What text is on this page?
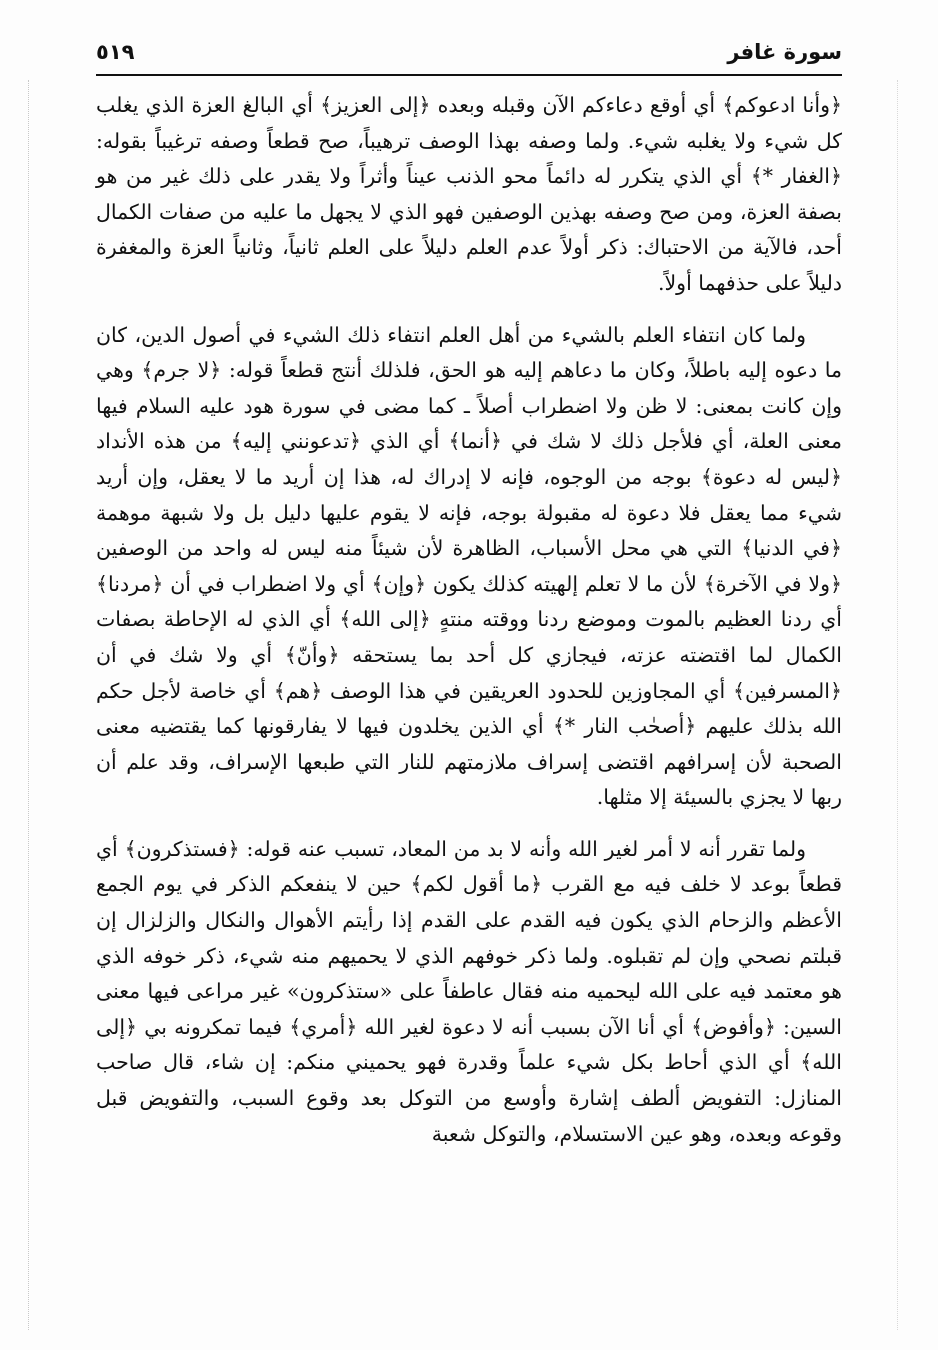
سورة غافر
٥١٩

﴿وأنا ادعوكم﴾ أي أوقع دعاءكم الآن وقبله وبعده ﴿إلى العزيز﴾ أي البالغ العزة الذي يغلب كل شيء ولا يغلبه شيء. ولما وصفه بهذا الوصف ترهيباً، صح قطعاً وصفه ترغيباً بقوله: ﴿الغفار *﴾ أي الذي يتكرر له دائماً محو الذنب عيناً وأثراً ولا يقدر على ذلك غير من هو بصفة العزة، ومن صح وصفه بهذين الوصفين فهو الذي لا يجهل ما عليه من صفات الكمال أحد، فالآية من الاحتباك: ذكر أولاً عدم العلم دليلاً على العلم ثانياً، وثانياً العزة والمغفرة دليلاً على حذفهما أولاً.

ولما كان انتفاء العلم بالشيء من أهل العلم انتفاء ذلك الشيء في أصول الدين، كان ما دعوه إليه باطلاً، وكان ما دعاهم إليه هو الحق، فلذلك أنتج قطعاً قوله: ﴿لا جرم﴾ وهي وإن كانت بمعنى: لا ظن ولا اضطراب أصلاً ـ كما مضى في سورة هود عليه السلام فيها معنى العلة، أي فلأجل ذلك لا شك في ﴿أنما﴾ أي الذي ﴿تدعونني إليه﴾ من هذه الأنداد ﴿ليس له دعوة﴾ بوجه من الوجوه، فإنه لا إدراك له، هذا إن أريد ما لا يعقل، وإن أريد شيء مما يعقل فلا دعوة له مقبولة بوجه، فإنه لا يقوم عليها دليل بل ولا شبهة موهمة ﴿في الدنيا﴾ التي هي محل الأسباب، الظاهرة لأن شيئاً منه ليس له واحد من الوصفين ﴿ولا في الآخرة﴾ لأن ما لا تعلم إلهيته كذلك يكون ﴿وإن﴾ أي ولا اضطراب في أن ﴿مردنا﴾ أي ردنا العظيم بالموت وموضع ردنا ووقته منتهٍ ﴿إلى الله﴾ أي الذي له الإحاطة بصفات الكمال لما اقتضته عزته، فيجازي كل أحد بما يستحقه ﴿وأنّ﴾ أي ولا شك في أن ﴿المسرفين﴾ أي المجاوزين للحدود العريقين في هذا الوصف ﴿هم﴾ أي خاصة لأجل حكم الله بذلك عليهم ﴿أصحٰب النار *﴾ أي الذين يخلدون فيها لا يفارقونها كما يقتضيه معنى الصحبة لأن إسرافهم اقتضى إسراف ملازمتهم للنار التي طبعها الإسراف، وقد علم أن ربها لا يجزي بالسيئة إلا مثلها.

ولما تقرر أنه لا أمر لغير الله وأنه لا بد من المعاد، تسبب عنه قوله: ﴿فستذكرون﴾ أي قطعاً بوعد لا خلف فيه مع القرب ﴿ما أقول لكم﴾ حين لا ينفعكم الذكر في يوم الجمع الأعظم والزحام الذي يكون فيه القدم على القدم إذا رأيتم الأهوال والنكال والزلزال إن قبلتم نصحي وإن لم تقبلوه. ولما ذكر خوفهم الذي لا يحميهم منه شيء، ذكر خوفه الذي هو معتمد فيه على الله ليحميه منه فقال عاطفاً على «ستذكرون» غير مراعى فيها معنى السين: ﴿وأفوض﴾ أي أنا الآن بسبب أنه لا دعوة لغير الله ﴿أمري﴾ فيما تمكرونه بي ﴿إلى الله﴾ أي الذي أحاط بكل شيء علماً وقدرة فهو يحميني منكم: إن شاء، قال صاحب المنازل: التفويض ألطف إشارة وأوسع من التوكل بعد وقوع السبب، والتفويض قبل وقوعه وبعده، وهو عين الاستسلام، والتوكل شعبة
